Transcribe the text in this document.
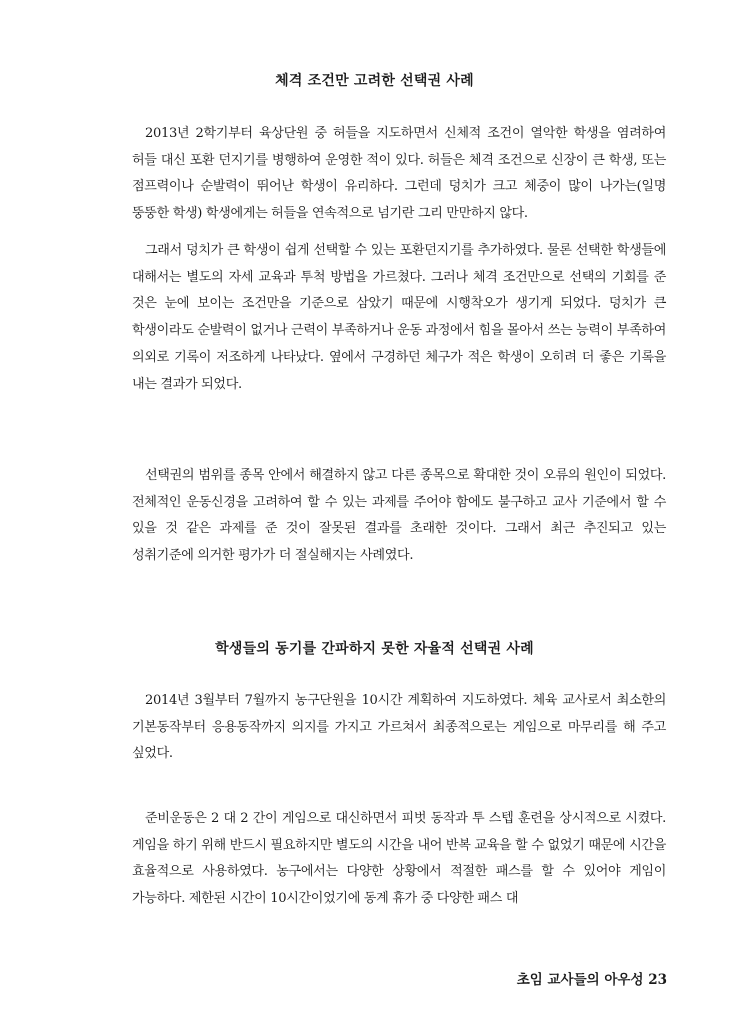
체격 조건만 고려한 선택권 사례

2013년 2학기부터 육상단원 중 허들을 지도하면서 신체적 조건이 열악한 학생을 염려하여 허들 대신 포환 던지기를 병행하여 운영한 적이 있다. 허들은 체격 조건으로 신장이 큰 학생, 또는 점프력이나 순발력이 뛰어난 학생이 유리하다. 그런데 덩치가 크고 체중이 많이 나가는(일명 뚱뚱한 학생) 학생에게는 허들을 연속적으로 넘기란 그리 만만하지 않다.

그래서 덩치가 큰 학생이 쉽게 선택할 수 있는 포환던지기를 추가하였다. 물론 선택한 학생들에 대해서는 별도의 자세 교육과 투척 방법을 가르쳤다. 그러나 체격 조건만으로 선택의 기회를 준 것은 눈에 보이는 조건만을 기준으로 삼았기 때문에 시행착오가 생기게 되었다. 덩치가 큰 학생이라도 순발력이 없거나 근력이 부족하거나 운동 과정에서 힘을 몰아서 쓰는 능력이 부족하여 의외로 기록이 저조하게 나타났다. 옆에서 구경하던 체구가 적은 학생이 오히려 더 좋은 기록을 내는 결과가 되었다.

선택권의 범위를 종목 안에서 해결하지 않고 다른 종목으로 확대한 것이 오류의 원인이 되었다. 전체적인 운동신경을 고려하여 할 수 있는 과제를 주어야 함에도 불구하고 교사 기준에서 할 수 있을 것 같은 과제를 준 것이 잘못된 결과를 초래한 것이다. 그래서 최근 추진되고 있는 성취기준에 의거한 평가가 더 절실해지는 사례였다.

학생들의 동기를 간파하지 못한 자율적 선택권 사례

2014년 3월부터 7월까지 농구단원을 10시간 계획하여 지도하였다. 체육 교사로서 최소한의 기본동작부터 응용동작까지 의지를 가지고 가르쳐서 최종적으로는 게임으로 마무리를 해 주고 싶었다.

준비운동은 2 대 2 간이 게임으로 대신하면서 피벗 동작과 투 스텝 훈련을 상시적으로 시켰다. 게임을 하기 위해 반드시 필요하지만 별도의 시간을 내어 반복 교육을 할 수 없었기 때문에 시간을 효율적으로 사용하였다. 농구에서는 다양한 상황에서 적절한 패스를 할 수 있어야 게임이 가능하다. 제한된 시간이 10시간이었기에 동계 휴가 중 다양한 패스 대

초임 교사들의 아우성 23
